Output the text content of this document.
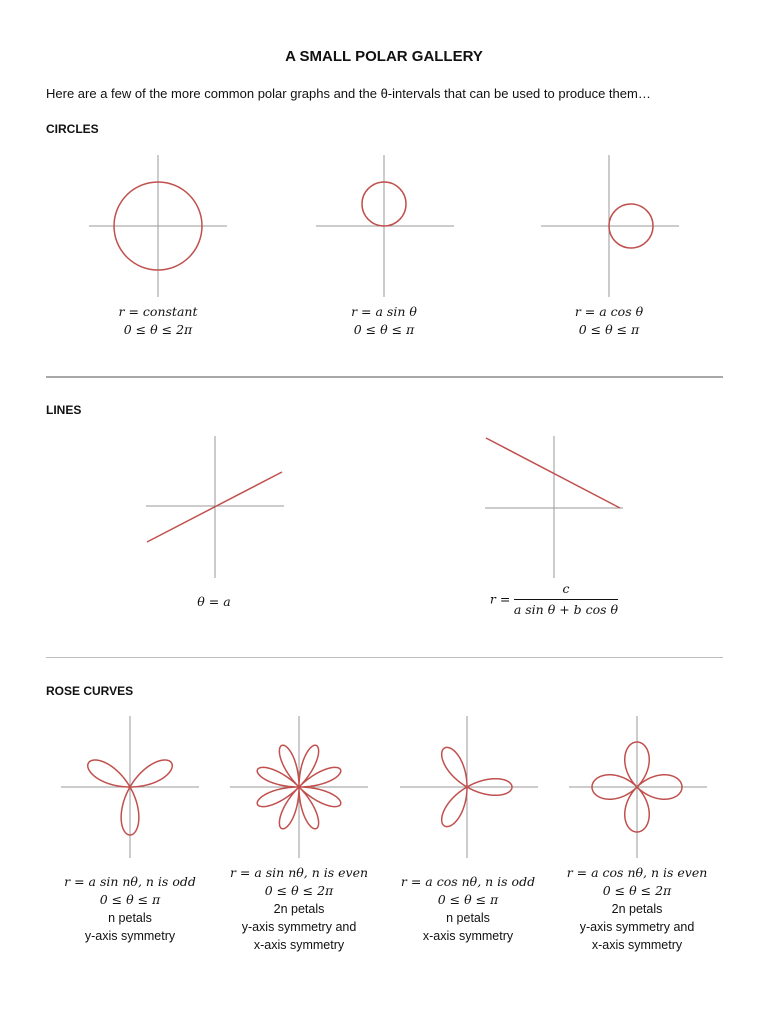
A SMALL POLAR GALLERY
Here are a few of the more common polar graphs and the θ-intervals that can be used to produce them…
CIRCLES
r = constant
0 ≤ θ ≤ 2π
r = a sin θ
0 ≤ θ ≤ π
r = a cos θ
0 ≤ θ ≤ π
LINES
θ = a	$r = \frac{c}{\text{a sin θ + b cos θ}}$
ROSE CURVES
r = a sin nθ, n is odd
0 ≤ θ ≤ π
n petals
y-axis symmetry
r = a sin nθ, n is even
0 ≤ θ ≤ 2π
2n petals
y-axis symmetry and
x-axis symmetry
r = a cos nθ, n is odd
0 ≤ θ ≤ π
n petals
x-axis symmetry
r = a cos nθ, n is even
0 ≤ θ ≤ 2π
2n petals
y-axis symmetry and
x-axis symmetry
